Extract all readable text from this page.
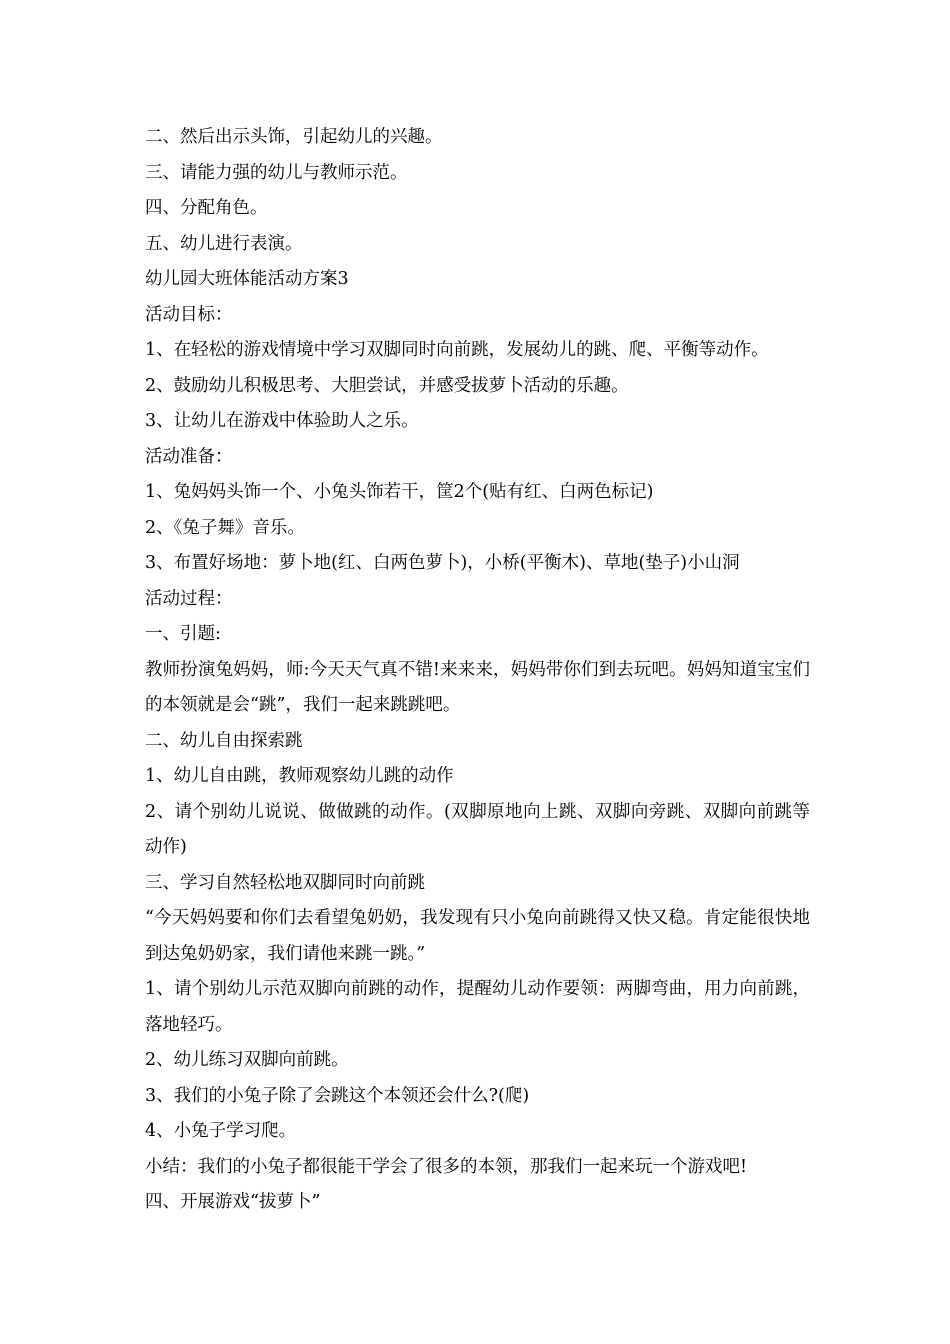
二、然后出示头饰，引起幼儿的兴趣。

三、请能力强的幼儿与教师示范。

四、分配角色。

五、幼儿进行表演。

幼儿园大班体能活动方案3

活动目标：

1、在轻松的游戏情境中学习双脚同时向前跳，发展幼儿的跳、爬、平衡等动作。

2、鼓励幼儿积极思考、大胆尝试，并感受拔萝卜活动的乐趣。

3、让幼儿在游戏中体验助人之乐。

活动准备：

1、兔妈妈头饰一个、小兔头饰若干，筐2个(贴有红、白两色标记)

2、《兔子舞》音乐。

3、布置好场地：萝卜地(红、白两色萝卜)，小桥(平衡木)、草地(垫子)小山洞

活动过程：

一、引题:

教师扮演兔妈妈，师:今天天气真不错!来来来，妈妈带你们到去玩吧。妈妈知道宝宝们的本领就是会“跳”，我们一起来跳跳吧。

二、幼儿自由探索跳

1、幼儿自由跳，教师观察幼儿跳的动作

2、请个别幼儿说说、做做跳的动作。(双脚原地向上跳、双脚向旁跳、双脚向前跳等动作)

三、学习自然轻松地双脚同时向前跳

“今天妈妈要和你们去看望兔奶奶，我发现有只小兔向前跳得又快又稳。肯定能很快地到达兔奶奶家，我们请他来跳一跳。”

1、请个别幼儿示范双脚向前跳的动作，提醒幼儿动作要领：两脚弯曲，用力向前跳，落地轻巧。

2、幼儿练习双脚向前跳。

3、我们的小兔子除了会跳这个本领还会什么?(爬)

4、小兔子学习爬。

小结：我们的小兔子都很能干学会了很多的本领，那我们一起来玩一个游戏吧!

四、开展游戏“拔萝卜”
